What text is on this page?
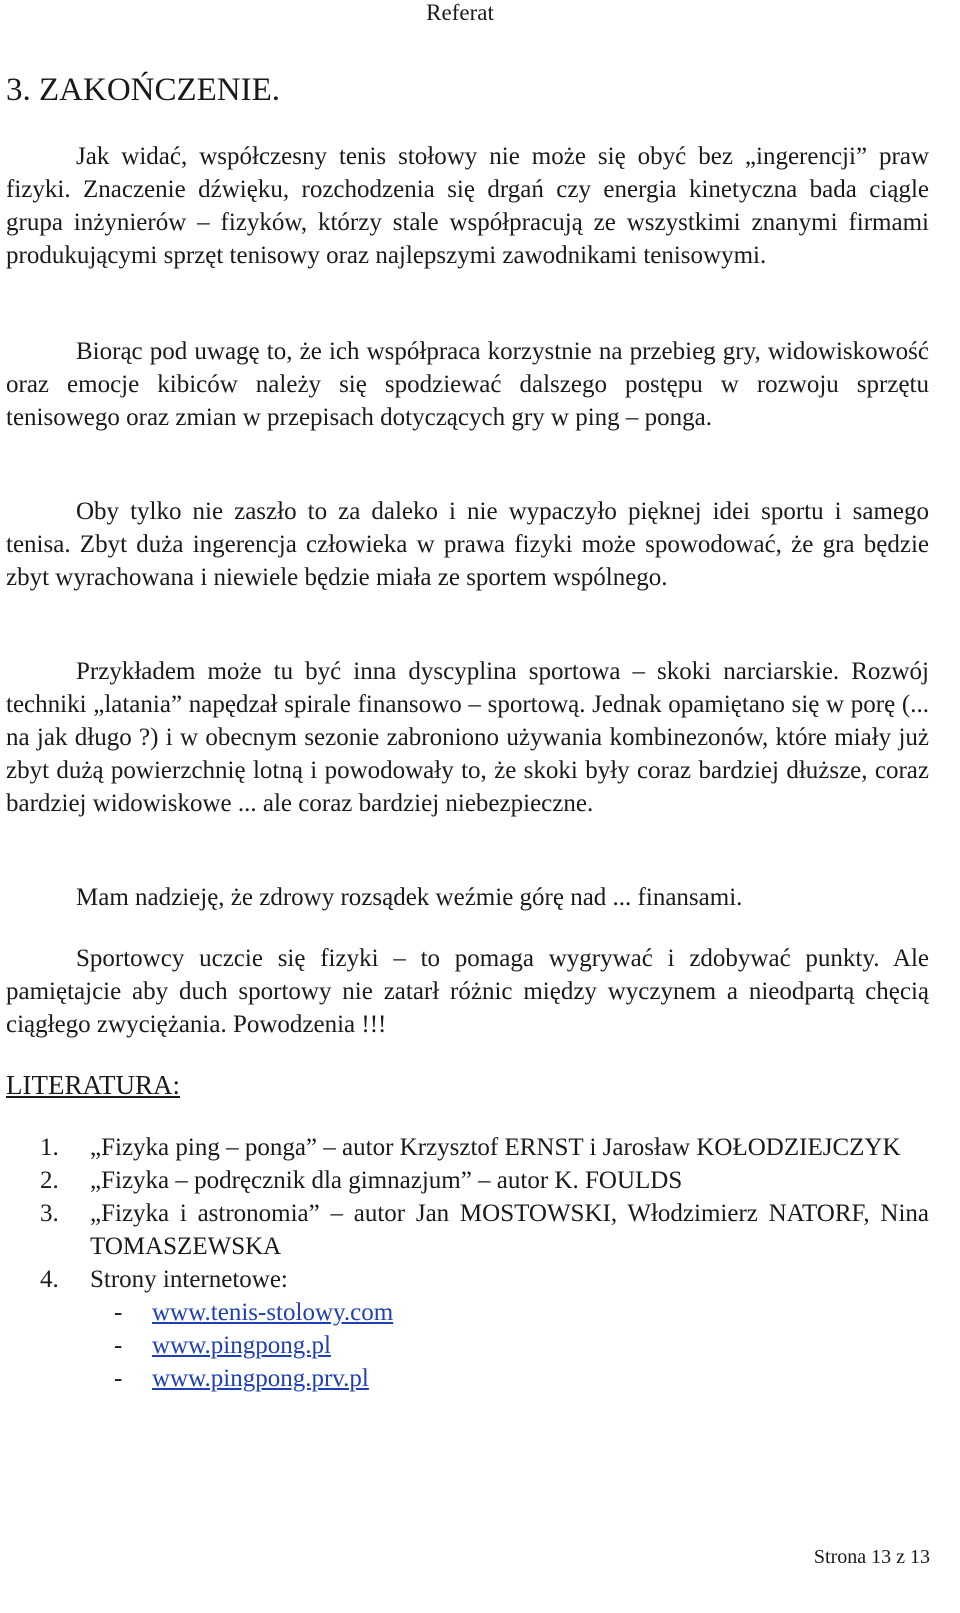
Referat
3. ZAKOŃCZENIE.

Jak widać, współczesny tenis stołowy nie może się obyć bez „ingerencji” praw fizyki. Znaczenie dźwięku, rozchodzenia się drgań czy energia kinetyczna bada ciągle grupa inżynierów – fizyków, którzy stale współpracują ze wszystkimi znanymi firmami produkującymi sprzęt tenisowy oraz najlepszymi zawodnikami tenisowymi.

Biorąc pod uwagę to, że ich współpraca korzystnie na przebieg gry, widowiskowość oraz emocje kibiców należy się spodziewać dalszego postępu w rozwoju sprzętu tenisowego oraz zmian w przepisach dotyczących gry w ping – ponga.

Oby tylko nie zaszło to za daleko i nie wypaczyło pięknej idei sportu i samego tenisa. Zbyt duża ingerencja człowieka w prawa fizyki może spowodować, że gra będzie zbyt wyrachowana i niewiele będzie miała ze sportem wspólnego.

Przykładem może tu być inna dyscyplina sportowa – skoki narciarskie. Rozwój techniki „latania” napędzał spirale finansowo – sportową. Jednak opamiętano się w porę (... na jak długo ?) i w obecnym sezonie zabroniono używania kombinezonów, które miały już zbyt dużą powierzchnię lotną i powodowały to, że skoki były coraz bardziej dłuższe, coraz bardziej widowiskowe ... ale coraz bardziej niebezpieczne.

Mam nadzieję, że zdrowy rozsądek weźmie górę nad ... finansami.

Sportowcy uczcie się fizyki – to pomaga wygrywać i zdobywać punkty. Ale pamiętajcie aby duch sportowy nie zatarł różnic między wyczynem a nieodpartą chęcią ciągłego zwyciężania. Powodzenia !!!

LITERATURA:
1.	„Fizyka ping – ponga” – autor Krzysztof ERNST i Jarosław KOŁODZIEJCZYK
2.	„Fizyka – podręcznik dla gimnazjum” – autor K. FOULDS
3.	„Fizyka i astronomia” – autor Jan MOSTOWSKI, Włodzimierz NATORF, Nina TOMASZEWSKA
4.	Strony internetowe:
-	www.tenis-stolowy.com
-	www.pingpong.pl
-	www.pingpong.prv.pl
Strona 13 z 13
